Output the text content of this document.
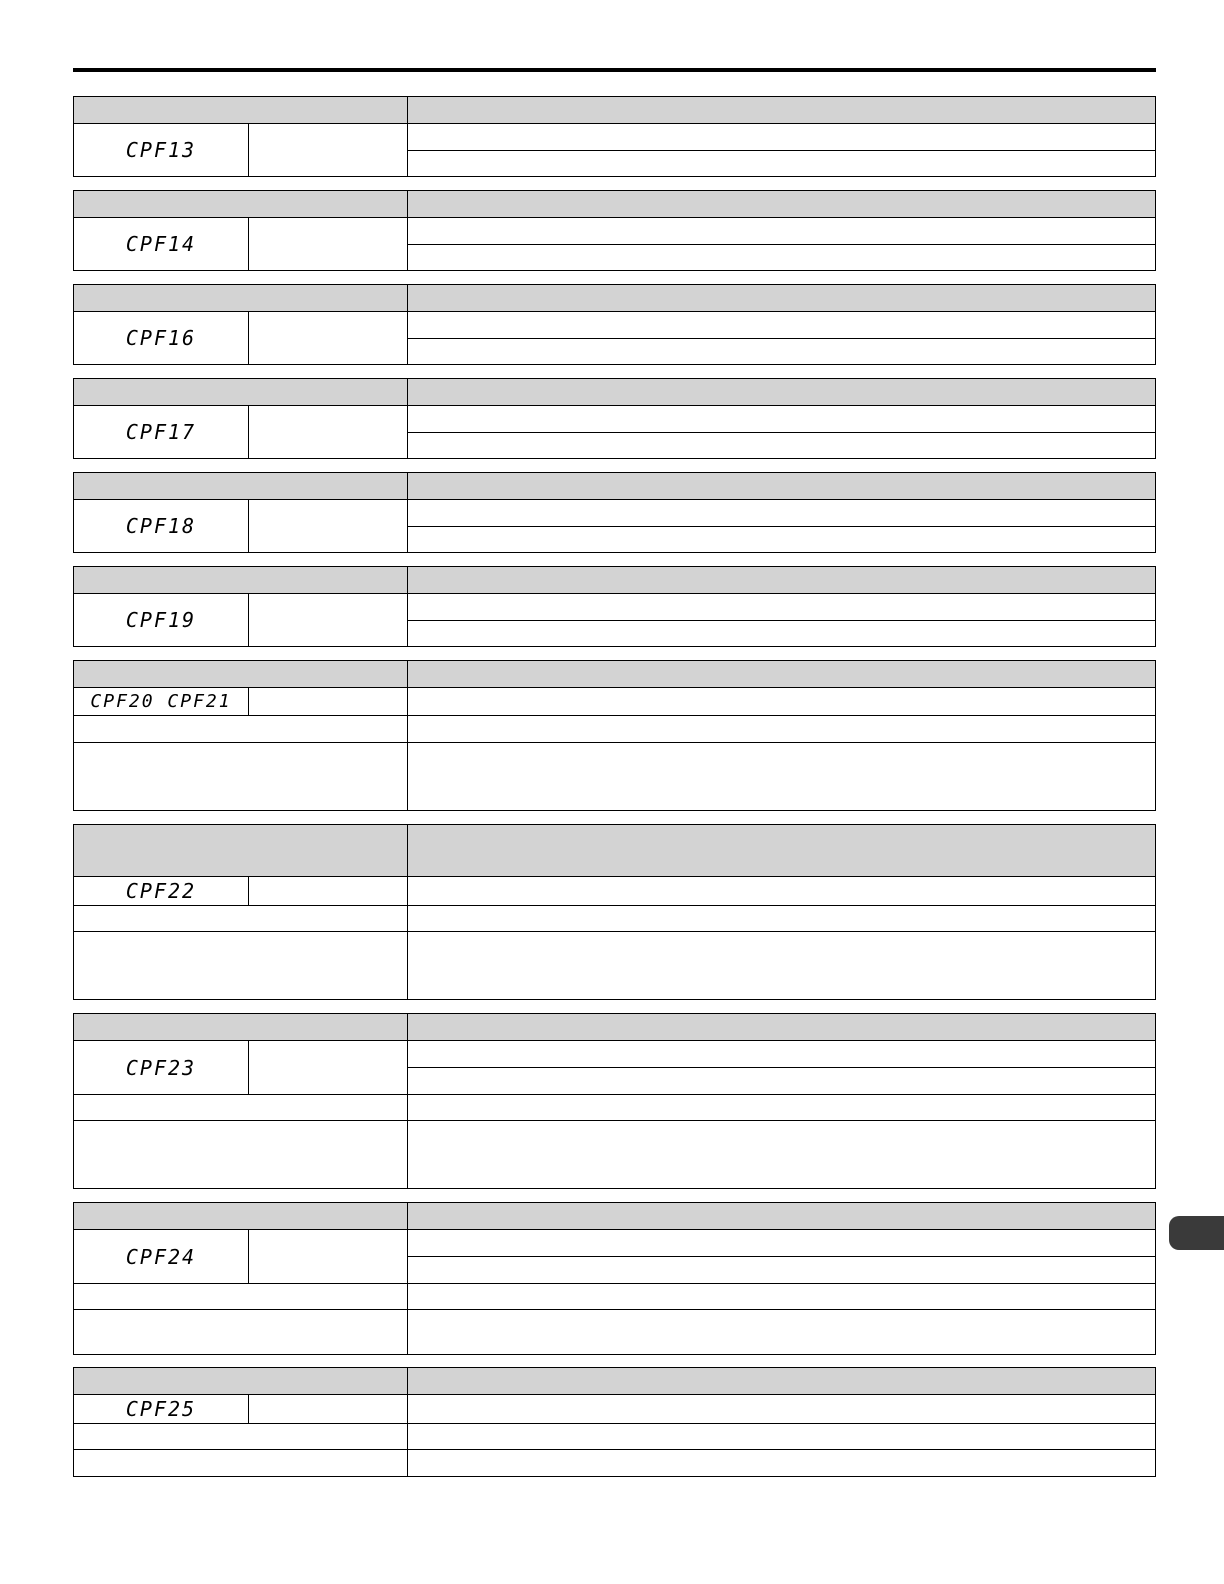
CPF13
CPF14
CPF16
CPF17
CPF18
CPF19
CPF20 CPF21
CPF22
CPF23
CPF24
CPF25
